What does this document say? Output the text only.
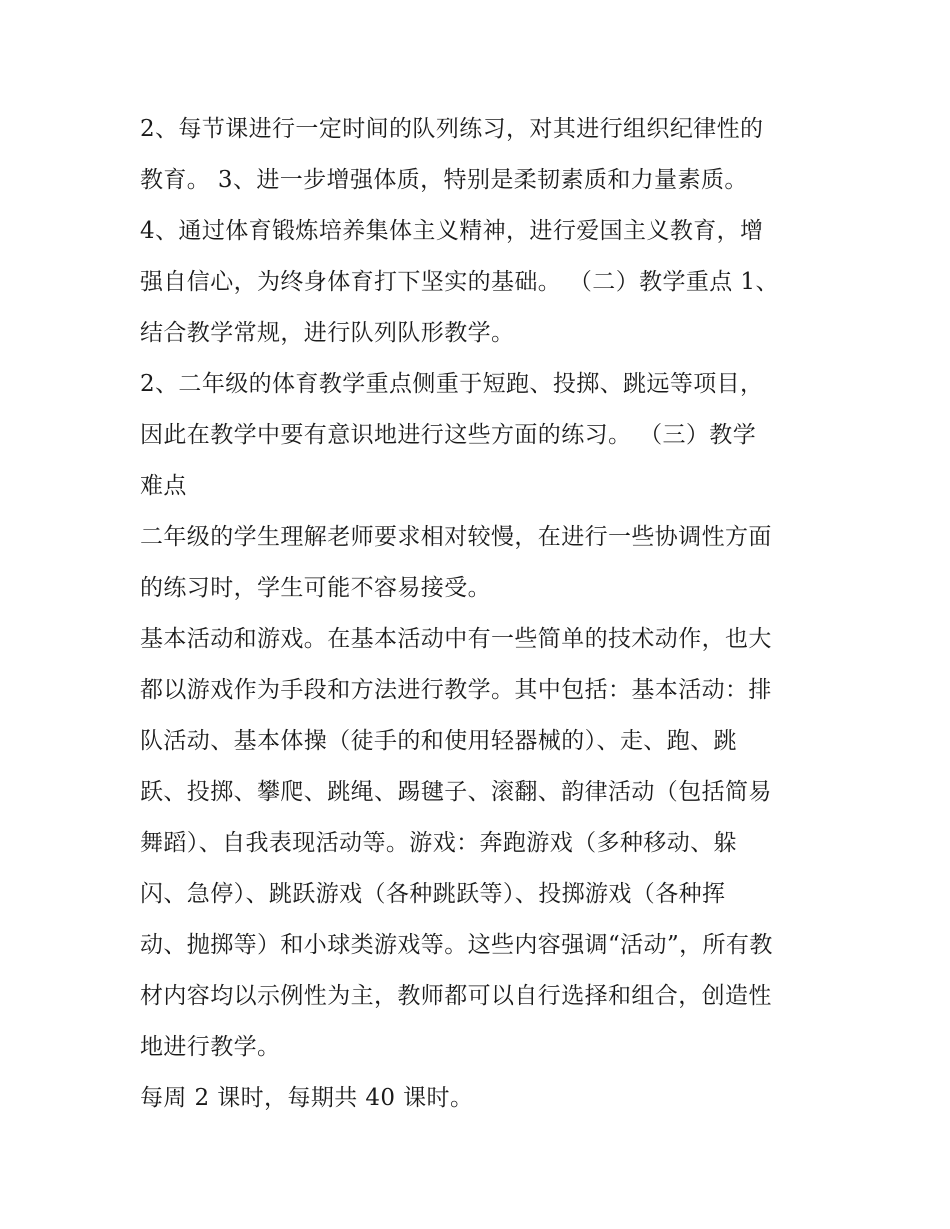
2、每节课进行一定时间的队列练习，对其进行组织纪律性的
教育。 3、进一步增强体质，特别是柔韧素质和力量素质。
4、通过体育锻炼培养集体主义精神，进行爱国主义教育，增
强自信心，为终身体育打下坚实的基础。 （二）教学重点 1、
结合教学常规，进行队列队形教学。
2、二年级的体育教学重点侧重于短跑、投掷、跳远等项目，
因此在教学中要有意识地进行这些方面的练习。 （三）教学
难点
二年级的学生理解老师要求相对较慢，在进行一些协调性方面
的练习时，学生可能不容易接受。
基本活动和游戏。在基本活动中有一些简单的技术动作，也大
都以游戏作为手段和方法进行教学。其中包括：基本活动：排
队活动、基本体操（徒手的和使用轻器械的）、走、跑、跳
跃、投掷、攀爬、跳绳、踢毽子、滚翻、韵律活动（包括简易
舞蹈）、自我表现活动等。游戏：奔跑游戏（多种移动、躲
闪、急停）、跳跃游戏（各种跳跃等）、投掷游戏（各种挥
动、抛掷等）和小球类游戏等。这些内容强调“活动”，所有教
材内容均以示例性为主，教师都可以自行选择和组合，创造性
地进行教学。
每周 2 课时，每期共 40 课时。
